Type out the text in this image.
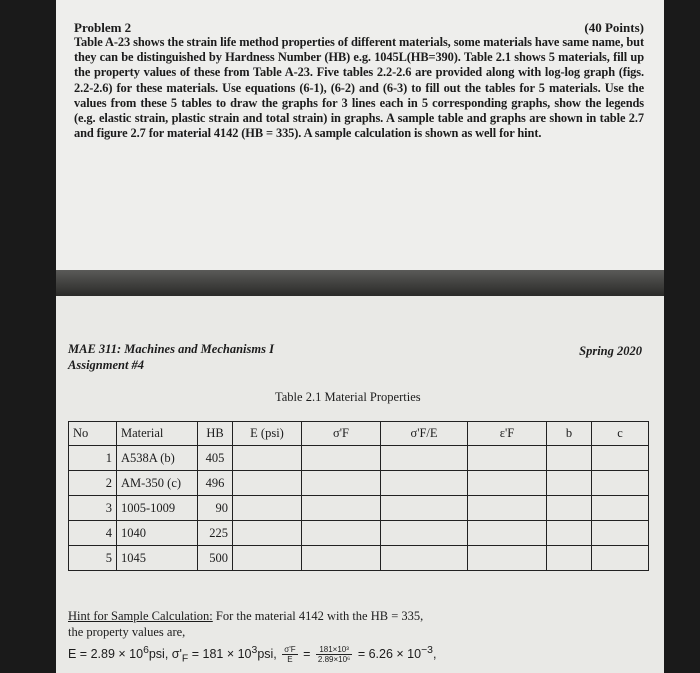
Problem 2	(40 Points)
Table A-23 shows the strain life method properties of different materials, some materials have same name, but they can be distinguished by Hardness Number (HB) e.g. 1045L(HB=390). Table 2.1 shows 5 materials, fill up the property values of these from Table A-23. Five tables 2.2-2.6 are provided along with log-log graph (figs. 2.2-2.6) for these materials. Use equations (6-1), (6-2) and (6-3) to fill out the tables for 5 materials. Use the values from these 5 tables to draw the graphs for 3 lines each in 5 corresponding graphs, show the legends (e.g. elastic strain, plastic strain and total strain) in graphs. A sample table and graphs are shown in table 2.7 and figure 2.7 for material 4142 (HB = 335). A sample calculation is shown as well for hint.
MAE 311: Machines and Mechanisms I
Assignment #4
Spring 2020
Table 2.1 Material Properties
No	Material	HB	E (psi)	σ'F	σ'F/E	ε'F	b	c
1	A538A (b)	405						
2	AM-350 (c)	496						
3	1005-1009	90						
4	1040	225						
5	1045	500						
Hint for Sample Calculation: For the material 4142 with the HB = 335,
the property values are,
$E = 2.89 \times 10^6psi$, $\sigma'_F = 181 \times 10^3psi$, $\frac{\sigma'F}{E} = \frac{\text{181×10³}}{\text{2.89×10⁶}} = 6.26 \times 10^{-3}$,
